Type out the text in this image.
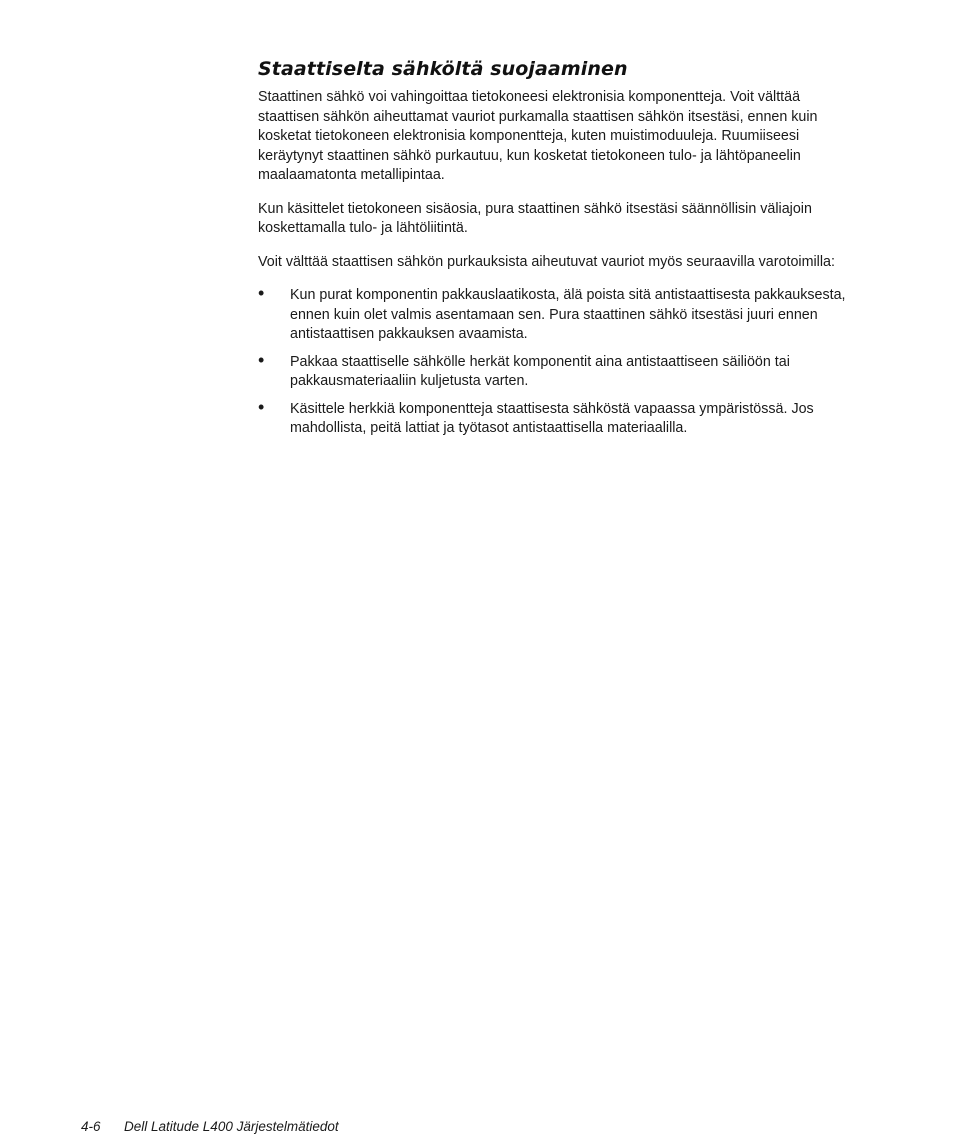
Staattiselta sähköltä suojaaminen

Staattinen sähkö voi vahingoittaa tietokoneesi elektronisia komponentteja. Voit välttää staattisen sähkön aiheuttamat vauriot purkamalla staattisen sähkön itsestäsi, ennen kuin kosketat tietokoneen elektronisia komponentteja, kuten muistimoduuleja. Ruumiiseesi keräytynyt staattinen sähkö purkautuu, kun kosketat tietokoneen tulo- ja lähtöpaneelin maalaamatonta metallipintaa.

Kun käsittelet tietokoneen sisäosia, pura staattinen sähkö itsestäsi säännöllisin väliajoin koskettamalla tulo- ja lähtöliitintä.

Voit välttää staattisen sähkön purkauksista aiheutuvat vauriot myös seuraavilla varotoimilla:

• Kun purat komponentin pakkauslaatikosta, älä poista sitä antistaattisesta pakkauksesta, ennen kuin olet valmis asentamaan sen. Pura staattinen sähkö itsestäsi juuri ennen antistaattisen pakkauksen avaamista.
• Pakkaa staattiselle sähkölle herkät komponentit aina antistaattiseen säiliöön tai pakkausmateriaaliin kuljetusta varten.
• Käsittele herkkiä komponentteja staattisesta sähköstä vapaassa ympäristössä. Jos mahdollista, peitä lattiat ja työtasot antistaattisella materiaalilla.
4-6 Dell Latitude L400 Järjestelmätiedot
